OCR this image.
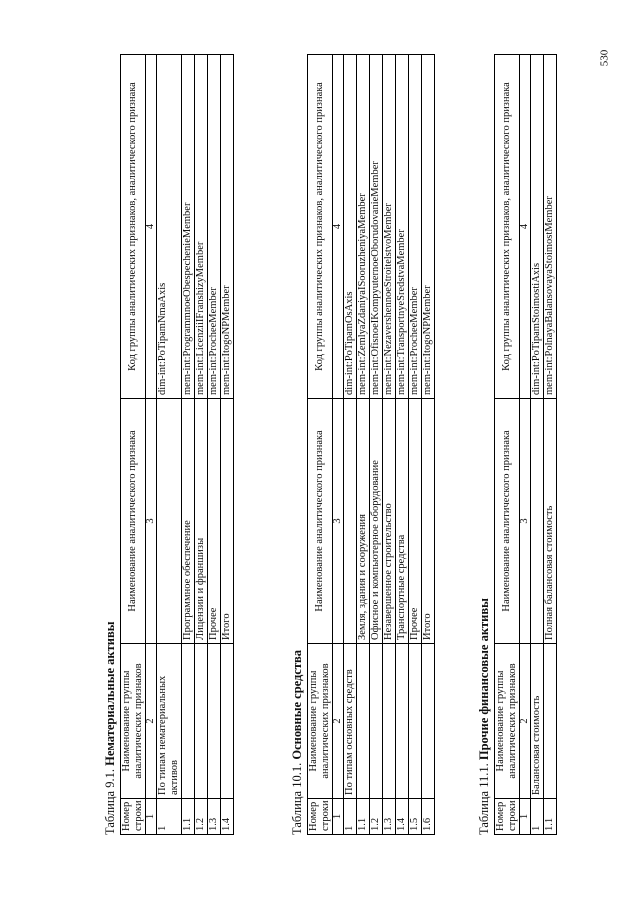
530
Таблица 9.1. Нематериальные активы
Номер строки	Наименование группы аналитических признаков	Наименование аналитического признака	Код группы аналитических признаков, аналитического признака
1	2	3	4
1	По типам нематериальных активов		dim-int:PoTipamNmaAxis
1.1		Программное обеспечение	mem-int:ProgrammnoeObespechenieMember
1.2		Лицензии и франшизы	mem-int:LicenziiIFranshizyMember
1.3		Прочее	mem-int:ProcheeMember
1.4		Итого	mem-int:ItogoNPMember
Таблица 10.1. Основные средства
Номер строки	Наименование группы аналитических признаков	Наименование аналитического признака	Код группы аналитических признаков, аналитического признака
1	2	3	4
1	По типам основных средств		dim-int:PoTipamOsAxis
1.1		Земля, здания и сооружения	mem-int:ZemlyaZdaniyaISooruzheniyaMember
1.2		Офисное и компьютерное оборудование	mem-int:OfisnoeIKompyuternoeOborudovanieMember
1.3		Незавершенное строительство	mem-int:NezavershennoeStroitelstvoMember
1.4		Транспортные средства	mem-int:TransportnyeSredstvaMember
1.5		Прочее	mem-int:ProcheeMember
1.6		Итого	mem-int:ItogoNPMember
Таблица 11.1. Прочие финансовые активы
Номер строки	Наименование группы аналитических признаков	Наименование аналитического признака	Код группы аналитических признаков, аналитического признака
1	2	3	4
1	Балансовая стоимость		dim-int:PoTipamStoimostiAxis
1.1		Полная балансовая стоимость	mem-int:PolnayaBalansovayaStoimostMember
